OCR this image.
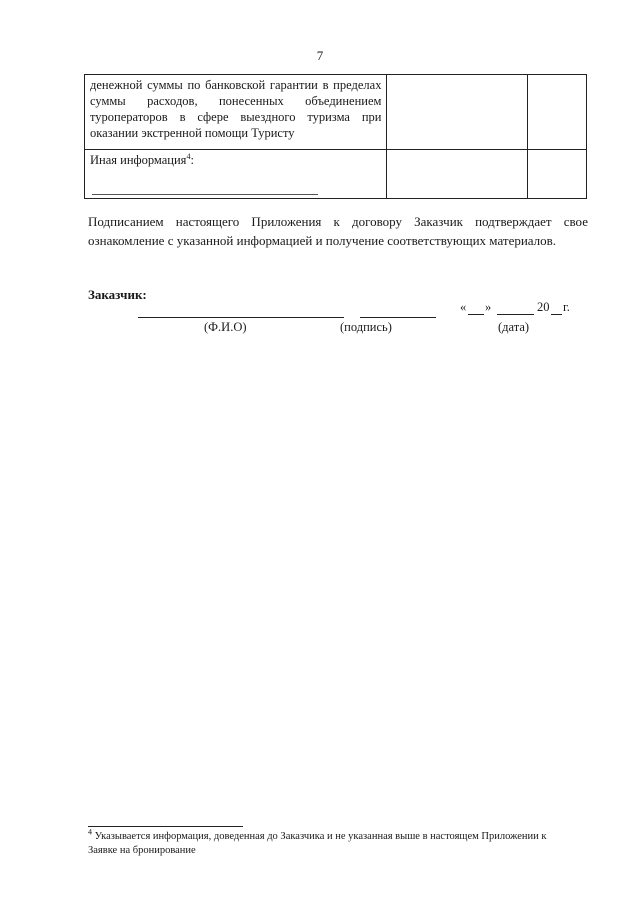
7
денежной суммы по банковской гарантии в пределах
суммы расходов, понесенных объединением
туроператоров в сфере выездного туризма при
оказании экстренной помощи Туристу		

Иная информация$^4$:		
Подписанием настоящего Приложения к договору Заказчик подтверждает свое
ознакомление с указанной информацией и получение соответствующих материалов.
Заказчик:
« »	20 г.
(Ф.И.О)	(подпись)	(дата)
$^4$ Указывается информация, доведенная до Заказчика и не указанная выше в настоящем Приложении к Заявке на бронирование
